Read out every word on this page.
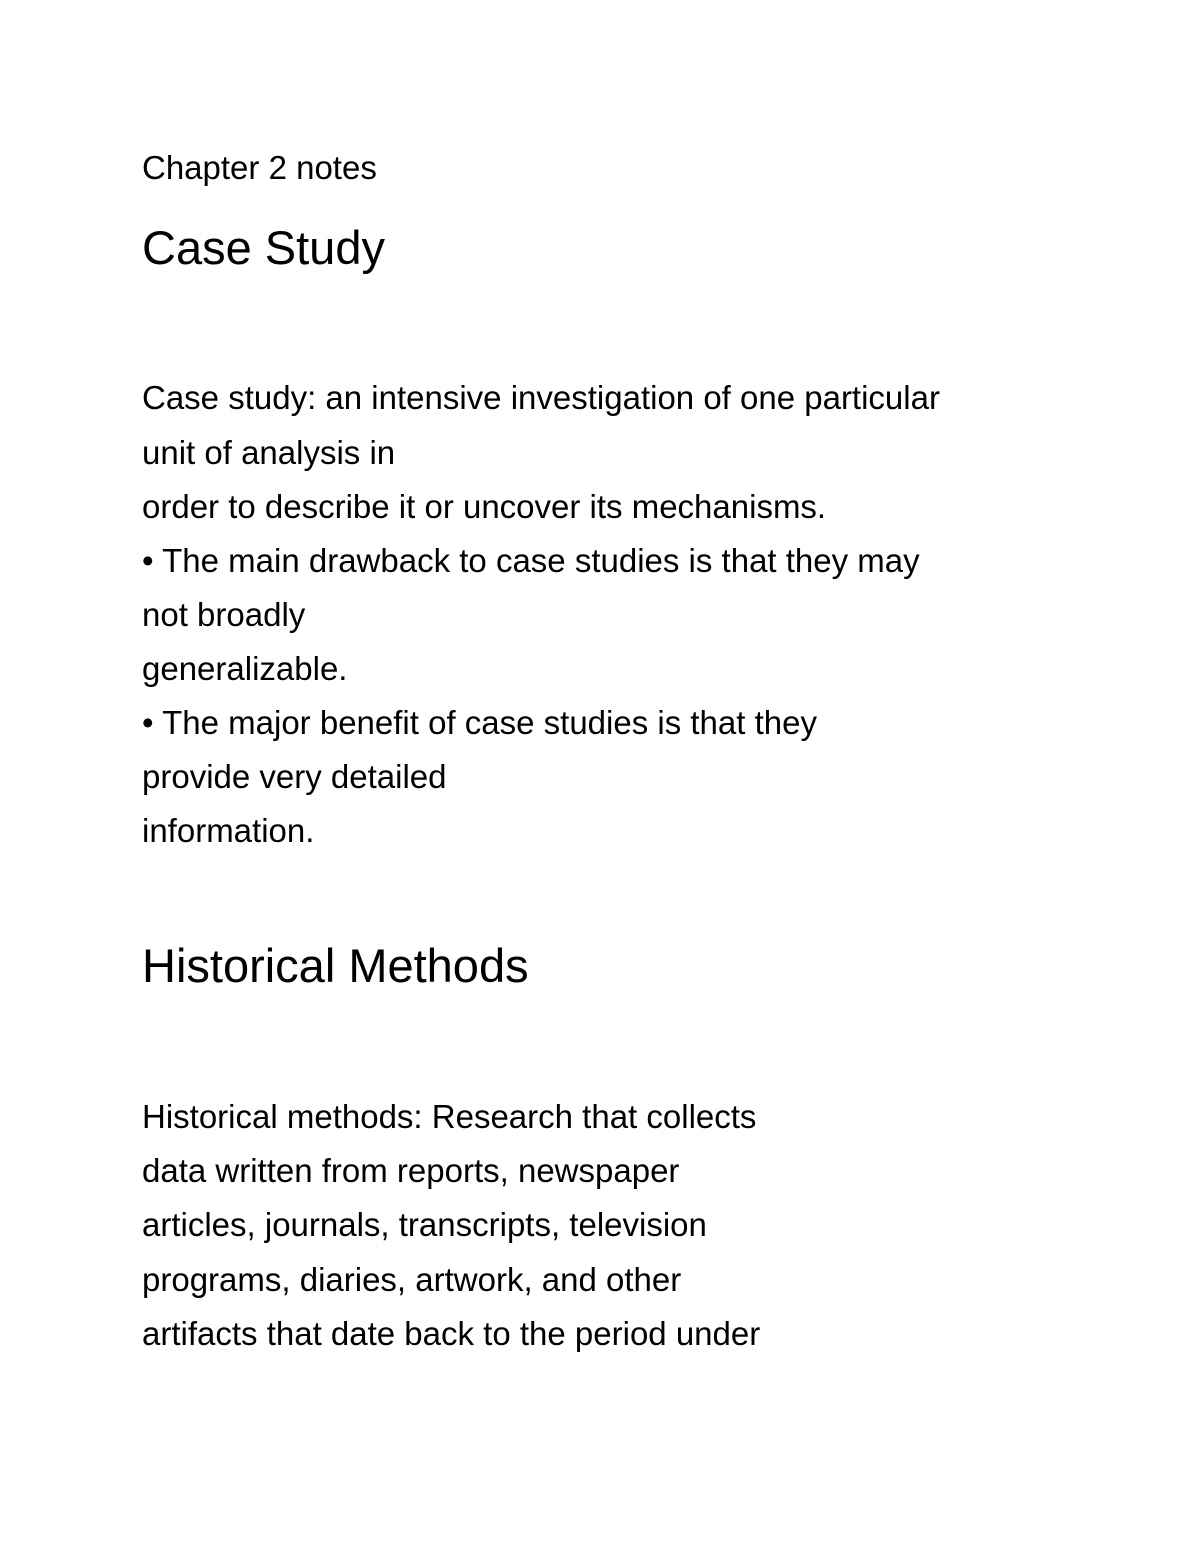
Chapter 2 notes
Case Study
Case study: an intensive investigation of one particular
unit of analysis in
order to describe it or uncover its mechanisms.
• The main drawback to case studies is that they may
not broadly
generalizable.
• The major benefit of case studies is that they
provide very detailed
information.
Historical Methods
Historical methods: Research that collects
data written from reports, newspaper
articles, journals, transcripts, television
programs, diaries, artwork, and other
artifacts that date back to the period under
